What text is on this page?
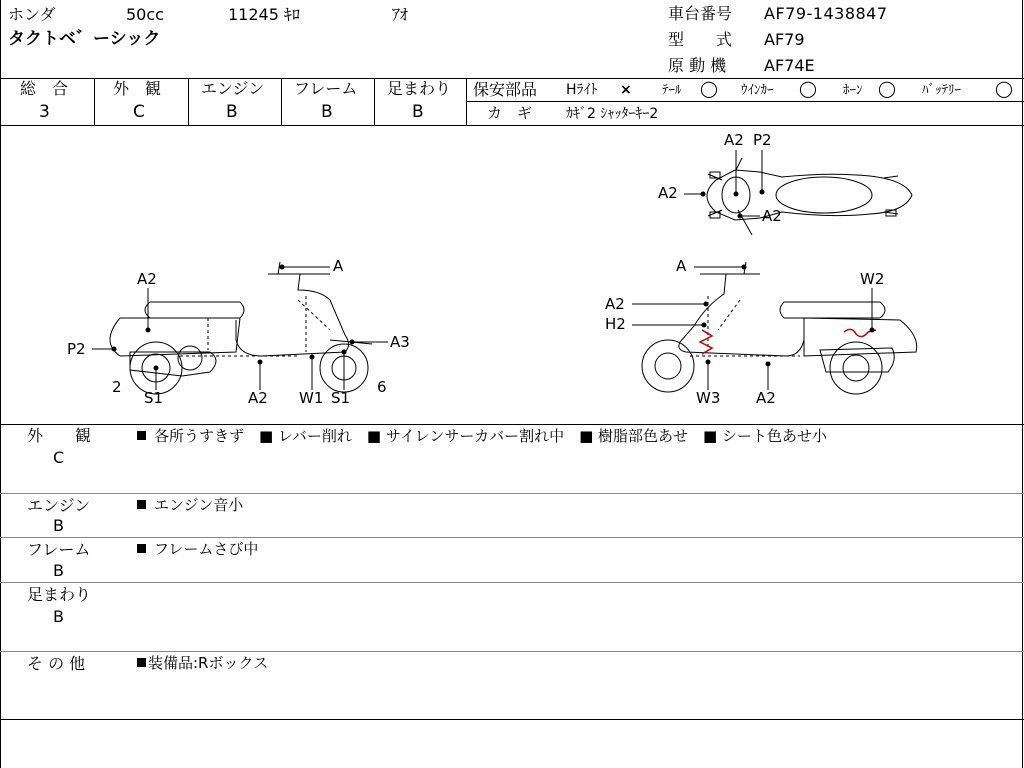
ホンダ	50cc	11245 ｷﾛ	ｱｵ
タクトベ゛ーシック
車台番号 AF79-1438847
型　　式 AF79
原 動 機 AF74E
総　合
3
外　観
C
エンジン
B
フレーム
B
足まわり
B
保安部品 Hﾗｲﾄ × ﾃｰﾙ ◯ ｳｲﾝｶｰ ◯ ﾎｰﾝ ◯ ﾊﾞｯﾃﾘｰ ◯
カ　ギ ｶｷﾞ2 ｼｬｯﾀｰｷｰ2
A2 P2
A2
A2
A
A2
P2	A3
2	6
S1	A2 W1 S1
A
W2
A2
H2
W3 A2
外　　観
C
各所うすきず　■ レバー削れ　■ サイレンサーカバー割れ中　■ 樹脂部色あせ　■ シート色あせ小
エンジン
B
エンジン音小
フレーム
B
フレームさび中
足まわり
B
そ の 他	装備品:Rボックス
